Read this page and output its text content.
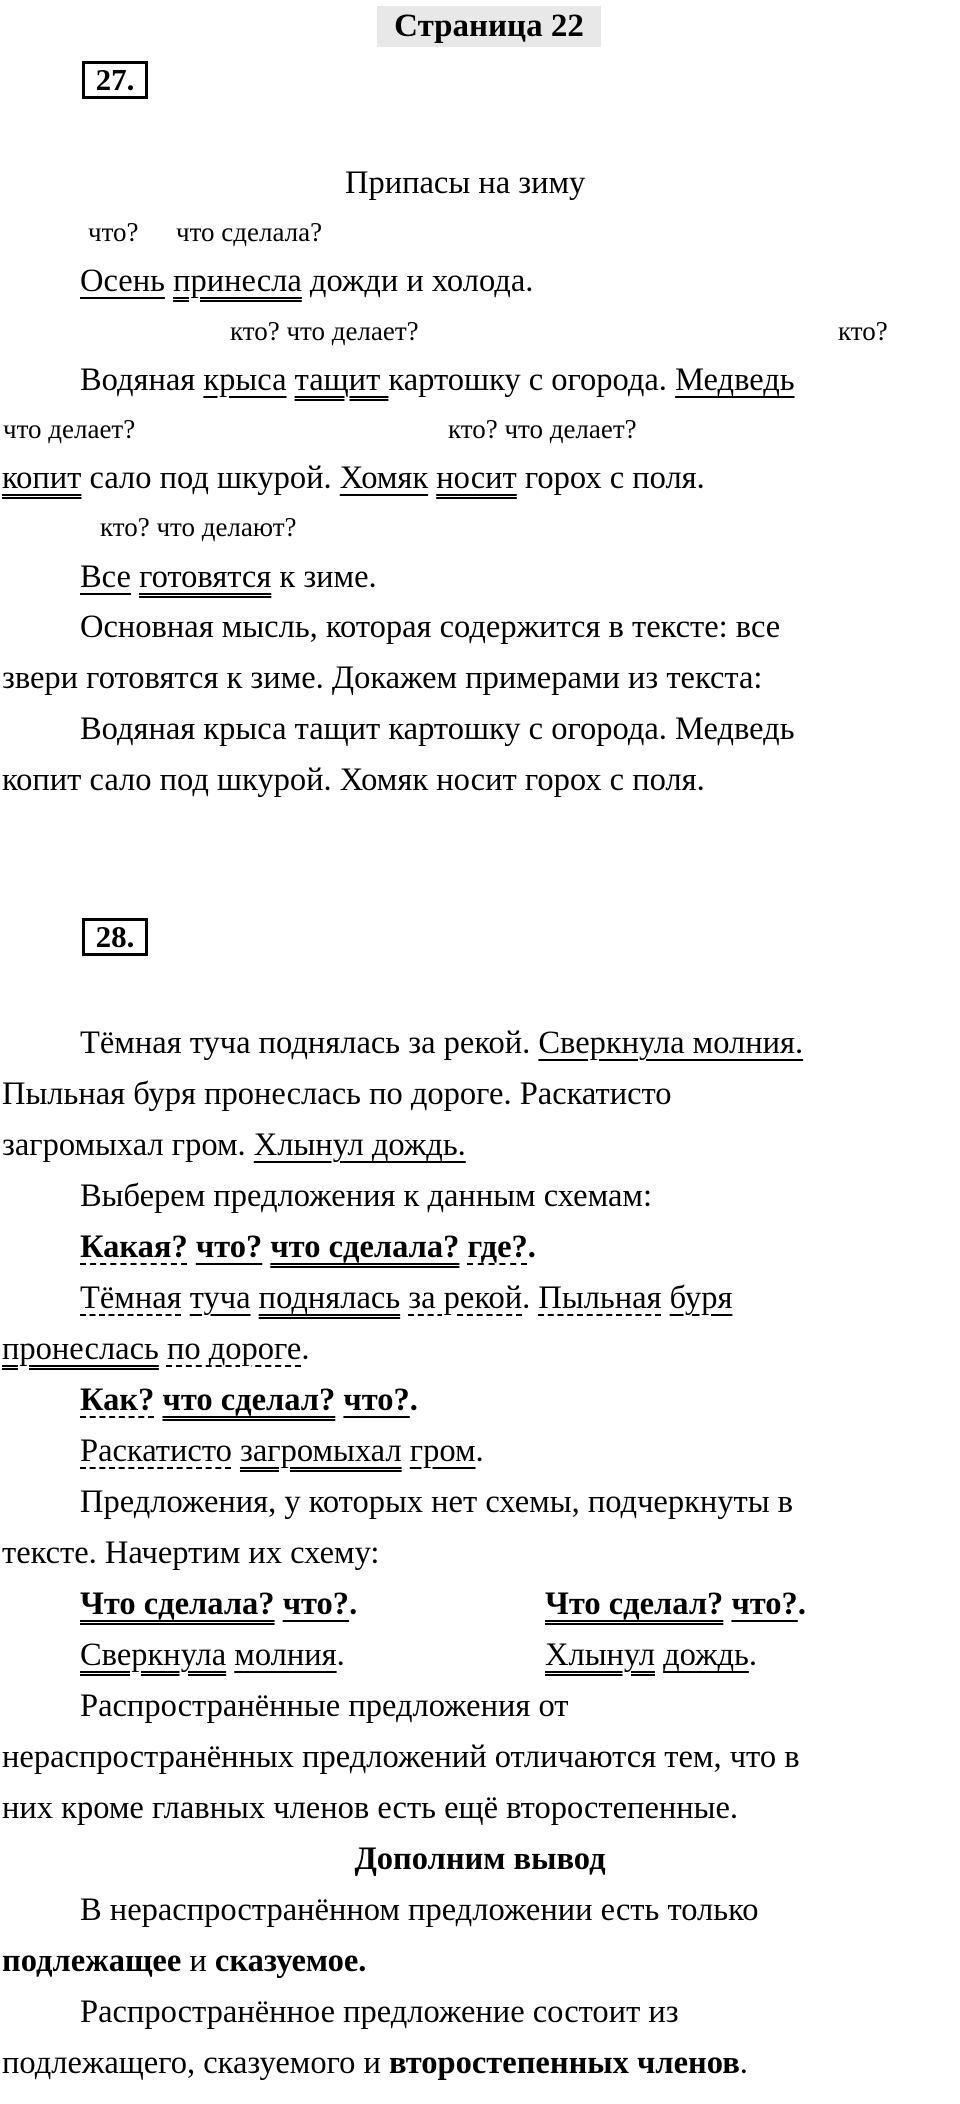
Страница 22
27.
Припасы на зиму
что? что сделала?
Осень принесла дожди и холода.
кто? что делает?	кто?
Водяная крыса тащит картошку с огорода. Медведь
что делает?	кто? что делает?
копит сало под шкурой. Хомяк носит горох с поля.
кто? что делают?
Все готовятся к зиме.
Основная мысль, которая содержится в тексте: все
звери готовятся к зиме. Докажем примерами из текста:
Водяная крыса тащит картошку с огорода. Медведь
копит сало под шкурой. Хомяк носит горох с поля.
28.
Тёмная туча поднялась за рекой. Сверкнула молния.
Пыльная буря пронеслась по дороге. Раскатисто
загромыхал гром. Хлынул дождь.
Выберем предложения к данным схемам:
Какая? что? что сделала? где?.
Тёмная туча поднялась за рекой. Пыльная буря
пронеслась по дороге.
Как? что сделал? что?.
Раскатисто загромыхал гром.
Предложения, у которых нет схемы, подчеркнуты в
тексте. Начертим их схему:
Что сделала? что?.	Что сделал? что?.
Сверкнула молния.	Хлынул дождь.
Распространённые предложения от
нераспространённых предложений отличаются тем, что в
них кроме главных членов есть ещё второстепенные.
Дополним вывод
В нераспространённом предложении есть только
подлежащее и сказуемое.
Распространённое предложение состоит из
подлежащего, сказуемого и второстепенных членов.
